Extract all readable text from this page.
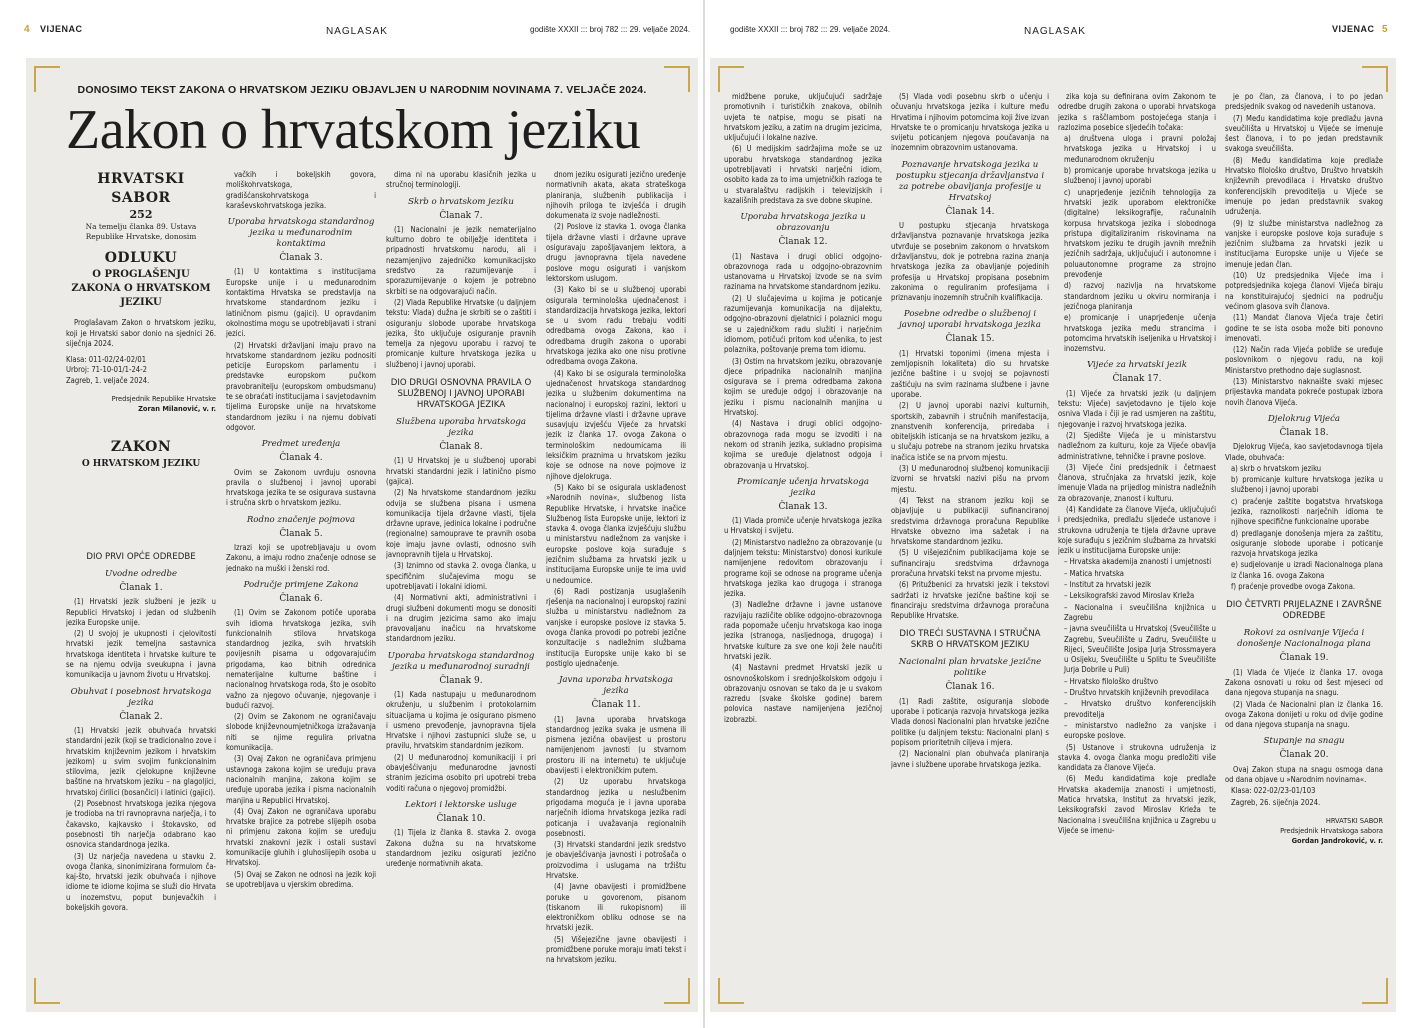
4 VIJENAC	NAGLASAK	godište XXXII ::: broj 782 ::: 29. veljače 2024.	godište XXXII ::: broj 782 ::: 29. veljače 2024.	NAGLASAK	VIJENAC 5
DONOSIMO TEKST ZAKONA O HRVATSKOM JEZIKU OBJAVLJEN U NARODNIM NOVINAMA 7. VELJAČE 2024.
Zakon o hrvatskom jeziku
HRVATSKI
SABOR
252
Na temelju članka 89. Ustava Republike Hrvatske, donosim
ODLUKU
O PROGLAŠENJU ZAKONA O HRVATSKOM JEZIKU

Proglašavam Zakon o hrvatskom jeziku, koji je Hrvatski sabor donio na sjednici 26. siječnja 2024.

Klasa: 011-02/24-02/01
Urbroj: 71-10-01/1-24-2
Zagreb, 1. veljače 2024.
Predsjednik Republike Hrvatske
Zoran Milanović, v. r.
ZAKON
O HRVATSKOM JEZIKU
DIO PRVI OPĆE ODREDBE
Uvodne odredbe
Članak 1.

(1) Hrvatski jezik službeni je jezik u Republici Hrvatskoj i jedan od službenih jezika Europske unije.

(2) U svojoj je ukupnosti i cjelovitosti hrvatski jezik temeljna sastavnica hrvatskoga identiteta i hrvatske kulture te se na njemu odvija sveukupna i javna komunikacija u javnom životu u Hrvatskoj.

Obuhvat i posebnost hrvatskoga jezika
Članak 2.

(1) Hrvatski jezik obuhvaća hrvatski standardni jezik (koji se tradicionalno zove i hrvatskim književnim jezikom i hrvatskim jezikom) u svim svojim funkcionalnim stilovima, jezik cjelokupne književne baštine na hrvatskom jeziku – na glagoljici, hrvatskoj ćirilici (bosančici) i latinici (gajici).

(2) Posebnost hrvatskoga jezika njegova je trodioba na tri ravnopravna narječja, i to čakavsko, kajkavsko i štokavsko, od posebnosti tih narječja odabrano kao osnovica standardnoga jezika.

(3) Uz narječja navedena u stavku 2. ovoga članka, sinonimizirana formulom ča-kaj-što, hrvatski jezik obuhvaća i njihove idiome te idiome kojima se služi dio Hrvata u inozemstvu, poput bunjevačkih i bokeljskih govora.

vačkih i bokeljskih govora, moliškohrvatskoga, gradišćanskohrvatskoga i karaševskohrvatskoga jezika.

Uporaba hrvatskoga standardnog jezika u međunarodnim kontaktima
Članak 3.

(1) U kontaktima s institucijama Europske unije i u međunarodnim kontaktima Hrvatska se predstavlja na hrvatskome standardnom jeziku i latiničnom pismu (gajici). U opravdanim okolnostima mogu se upotrebljavati i strani jezici.

(2) Hrvatski državljani imaju pravo na hrvatskome standardnom jeziku podnositi peticije Europskom parlamentu i predstavke europskom pučkom pravobranitelju (europskom ombudsmanu) te se obraćati institucijama i savjetodavnim tijelima Europske unije na hrvatskome standardnom jeziku i na njemu dobivati odgovor.

Predmet uređenja
Članak 4.

Ovim se Zakonom uvrđuju osnovna pravila o službenoj i javnoj uporabi hrvatskoga jezika te se osigurava sustavna i stručna skrb o hrvatskom jeziku.

Rodno značenje pojmova
Članak 5.

Izrazi koji se upotrebljavaju u ovom Zakonu, a imaju rodno značenje odnose se jednako na muški i ženski rod.

Područje primjene Zakona
Članak 6.

(1) Ovim se Zakonom potiče uporaba svih idioma hrvatskoga jezika, svih funkcionalnih stilova hrvatskoga standardnog jezika, svih hrvatskih povijesnih pisama u odgovarajućim prigodama, kao bitnih odrednica nematerijalne kulturne baštine i nacionalnog hrvatskoga roda, što je osobito važno za njegovo očuvanje, njegovanje i budući razvoj.

(2) Ovim se Zakonom ne ograničavaju slobode književnoumjetničkoga izražavanja niti se njime regulira privatna komunikacija.

(3) Ovaj Zakon ne ograničava primjenu ustavnoga zakona kojim se uređuju prava nacionalnih manjina, zakona kojim se uređuje uporaba jezika i pisma nacionalnih manjina u Republici Hrvatskoj.

(4) Ovaj Zakon ne ograničava uporabu hrvatske brajice za potrebe slijepih osoba ni primjenu zakona kojim se uređuju hrvatski znakovni jezik i ostali sustavi komunikacije gluhih i gluhoslijepih osoba u Hrvatskoj.

(5) Ovaj se Zakon ne odnosi na jezik koji se upotrebljava u vjerskim obredima.

dima ni na uporabu klasičnih jezika u stručnoj terminologiji.

Skrb o hrvatskom jeziku
Članak 7.

(1) Nacionalni je jezik nematerijalno kulturno dobro te obilježje identiteta i pripadnosti hrvatskomu narodu, ali i nezamjenjivo zajedničko komunikacijsko sredstvo za razumijevanje i sporazumijevanje o kojem je potrebno skrbiti se na odgovarajući način.

(2) Vlada Republike Hrvatske (u daljnjem tekstu: Vlada) dužna je skrbiti se o zaštiti i osiguranju slobode uporabe hrvatskoga jezika, što uključuje osiguranje pravnih temelja za njegovu uporabu i razvoj te promicanje kulture hrvatskoga jezika u službenoj i javnoj uporabi.

DIO DRUGI OSNOVNA PRAVILA O SLUŽBENOJ I JAVNOJ UPORABI HRVATSKOGA JEZIKA
Službena uporaba hrvatskoga jezika
Članak 8.

(1) U Hrvatskoj je u službenoj uporabi hrvatski standardni jezik i latinično pismo (gajica).

(2) Na hrvatskome standardnom jeziku odvija se službena pisana i usmena komunikacija tijela državne vlasti, tijela državne uprave, jedinica lokalne i područne (regionalne) samouprave te pravnih osoba koje imaju javne ovlasti, odnosno svih javnopravnih tijela u Hrvatskoj.

(3) Iznimno od stavka 2. ovoga članka, u specifičnim slučajevima mogu se upotrebljavati i lokalni idiomi.

(4) Normativni akti, administrativni i drugi službeni dokumenti mogu se donositi i na drugim jezicima samo ako imaju pravovaljanu inačicu na hrvatskome standardnom jeziku.

Uporaba hrvatskoga standardnog jezika u međunarodnoj suradnji
Članak 9.

(1) Kada nastupaju u međunarodnom okruženju, u službenim i protokolarnim situacijama u kojima je osigurano pismeno i usmeno prevođenje, javnopravna tijela Hrvatske i njihovi zastupnici služe se, u pravilu, hrvatskim standardnim jezikom.

(2) U međunarodnoj komunikaciji i pri obavješćivanju međunarodne javnosti stranim jezicima osobito pri upotrebi treba voditi računa o njegovoj promidžbi.

Lektori i lektorske usluge
Članak 10.

(1) Tijela iz članka 8. stavka 2. ovoga Zakona dužna su na hrvatskome standardnom jeziku osigurati jezično uređenje normativnih akata.

dnom jeziku osigurati jezično uređenje normativnih akata, akata strateškoga planiranja, službenih publikacija i njihovih priloga te izvješća i drugih dokumenata iz svoje nadležnosti.

(2) Poslove iz stavka 1. ovoga članka tijela državne vlasti i državne uprave osiguravaju zapošljavanjem lektora, a drugu javnopravna tijela navedene poslove mogu osigurati i vanjskom lektorskom uslugom.

(3) Kako bi se u službenoj uporabi osigurala terminološka ujednačenost i standardizacija hrvatskoga jezika, lektori se u svom radu trebaju voditi odredbama ovoga Zakona, kao i odredbama drugih zakona o uporabi hrvatskoga jezika ako one nisu protivne odredbama ovoga Zakona.

(4) Kako bi se osigurala terminološka ujednačenost hrvatskoga standardnog jezika u službenim dokumentima na nacionalnoj i europskoj razini, lektori u tijelima državne vlasti i državne uprave susavjuju izvješću Vijeće za hrvatski jezik iz članka 17. ovoga Zakona o terminološkim nedoumicama ili leksičkim praznima u hrvatskom jeziku koje se odnose na nove pojmove iz njihove djelokruga.

(5) Kako bi se osigurala usklađenost »Narodnih novina«, službenog lista Republike Hrvatske, i hrvatske inačice Službenog lista Europske unije, lektori iz stavka 4. ovoga članka izvješćuju službu u ministarstvu nadležnom za vanjske i europske poslove koja surađuje s jezičnim službama za hrvatski jezik u institucijama Europske unije te ima uvid u nedoumice.

(6) Radi postizanja usuglašenih rješenja na nacionalnoj i europskoj razini služba u ministarstvu nadležnom za vanjske i europske poslove iz stavka 5. ovoga članka provodi po potrebi jezične konzultacije s nadležnim službama institucija Europske unije kako bi se postiglo ujednačenje.

Javna uporaba hrvatskoga jezika
Članak 11.

(1) Javna uporaba hrvatskoga standardnog jezika svaka je usmena ili pismena jezična obavijest u prostoru namijenjenom javnosti (u stvarnom prostoru ili na internetu) te uključuje obavijesti i elektroničkim putem.

(2) Uz uporabu hrvatskoga standardnog jezika u neslužbenim prigodama moguća je i javna uporaba narječnih idioma hrvatskoga jezika radi poticanja i uvažavanja regionalnih posebnosti.

(3) Hrvatski standardni jezik sredstvo je obavješćivanja javnosti i potrošača o proizvodima i uslugama na tržištu Hrvatske.

(4) Javne obavijesti i promidžbene poruke u govorenom, pisanom (tiskanom ili rukopisnom) ili elektroničkom obliku odnose se na hrvatski jezik.

(5) Višejezične javne obavijesti i promidžbene poruke moraju imati tekst i na hrvatskom jeziku.

midžbene poruke, uključujući sadržaje promotivnih i turističkih znakova, obilnih uvjeta te natpise, mogu se pisati na hrvatskom jeziku, a zatim na drugim jezicima, uključujući i lokalne nazive.

(6) U medijskim sadržajima može se uz uporabu hrvatskoga standardnog jezika upotrebljavati i hrvatski narječni idiom, osobito kada za to ima umjetničkih razloga te u stvaralaštvu radijskih i televizijskih i kazališnih predstava za sve dobne skupine.

Uporaba hrvatskoga jezika u obrazovanju
Članak 12.

(1) Nastava i drugi oblici odgojno-obrazovnoga rada u odgojno-obrazovnim ustanovama u Hrvatskoj izvode se na svim razinama na hrvatskome standardnom jeziku.

(2) U slučajevima u kojima je poticanje razumijevanja komunikacija na dijalektu, odgojno-obrazovni djelatnici i polaznici mogu se u zajedničkom radu služiti i narječnim idiomom, potičući pritom kod učenika, to jest polaznika, poštovanje prema tom idiomu.

(3) Ostim na hrvatskom jeziku, obrazovanje djece pripadnika nacionalnih manjina osigurava se i prema odredbama zakona kojim se uređuje odgoj i obrazovanje na jeziku i pismu nacionalnih manjina u Hrvatskoj.

(4) Nastava i drugi oblici odgojno-obrazovnoga rada mogu se izvoditi i na nekom od stranih jezika, sukladno propisima kojima se uređuje djelatnost odgoja i obrazovanja u Hrvatskoj.

Promicanje učenja hrvatskoga jezika
Članak 13.

(1) Vlada promiče učenje hrvatskoga jezika u Hrvatskoj i svijetu.

(2) Ministarstvo nadležno za obrazovanje (u daljnjem tekstu: Ministarstvo) donosi kurikule namijenjene redovitom obrazovanju i programe koji se odnose na programe učenja hrvatskoga jezika kao drugoga i stranoga jezika.

(3) Nadležne državne i javne ustanove razvijaju različite oblike odgojno-obrazovnoga rada popomaže učenju hrvatskoga kao inoga jezika (stranoga, nasljednoga, drugoga) i hrvatske kulture za sve one koji žele naučiti hrvatski jezik.

(4) Nastavni predmet Hrvatski jezik u osnovnoškolskom i srednjoškolskom odgoju i obrazovanju osnovan se tako da je u svakom razredu (svake školske godine) barem polovica nastave namijenjena jezičnoj izobrazbi.

(5) Vlada vodi posebnu skrb o učenju i očuvanju hrvatskoga jezika i kulture među Hrvatima i njihovim potomcima koji žive izvan Hrvatske te o promicanju hrvatskoga jezika u svijetu poticanjem njegova poučavanja na inozemnim obrazovnim ustanovama.

Poznavanje hrvatskoga jezika u postupku stjecanja državljanstva i za potrebe obavljanja profesije u Hrvatskoj
Članak 14.

U postupku stjecanja hrvatskoga državljanstva poznavanje hrvatskoga jezika utvrđuje se posebnim zakonom o hrvatskom državljanstvu, dok je potrebna razina znanja hrvatskoga jezika za obavljanje pojedinih profesija u Hrvatskoj propisana posebnim zakonima o reguliranim profesijama i priznavanju inozemnih stručnih kvalifikacija.

Posebne odredbe o službenoj i javnoj uporabi hrvatskoga jezika
Članak 15.

(1) Hrvatski toponimi (imena mjesta i zemljopisnih lokaliteta) dio su hrvatske jezične baštine i u svojoj se pojavnosti zaštićuju na svim razinama službene i javne uporabe.

(2) U javnoj uporabi nazivi kulturnih, sportskih, zabavnih i stručnih manifestacija, znanstvenih konferencija, priredaba i obiteljskih isticanja se na hrvatskom jeziku, a u slučaju potrebe na stranom jeziku hrvatska inačica ističe se na prvom mjestu.

(3) U međunarodnoj službenoj komunikaciji izvorni se hrvatski nazivi pišu na prvom mjestu.

(4) Tekst na stranom jeziku koji se objavljuje u publikaciji sufinanciranoj sredstvima državnoga proračuna Republike Hrvatske obvezno ima sažetak i na hrvatskome standardnom jeziku.

(5) U višejezičnim publikacijama koje se sufinanciraju sredstvima državnoga proračuna hrvatski tekst na prvome mjestu.

(6) Pritužbenici za hrvatski jezik i tekstovi sadržati iz hrvatske jezične baštine koji se financiraju sredstvima državnoga proračuna Republike Hrvatske.

DIO TREĆI SUSTAVNA I STRUČNA SKRB O HRVATSKOM JEZIKU
Nacionalni plan hrvatske jezične politike
Članak 16.

(1) Radi zaštite, osiguranja slobode uporabe i poticanja razvoja hrvatskoga jezika Vlada donosi Nacionalni plan hrvatske jezične politike (u daljnjem tekstu: Nacionalni plan) s popisom prioritetnih ciljeva i mjera.

(2) Nacionalni plan obuhvaća planiranja javne i službene uporabe hrvatskoga jezika.

zika koja su definirana ovim Zakonom te odredbe drugih zakona o uporabi hrvatskoga jezika s raščlambom postojećega stanja i razlozima posebice sljedećih točaka:

a) društvena uloga i pravni položaj hrvatskoga jezika u Hrvatskoj i u međunarodnom okruženju

b) promicanje uporabe hrvatskoga jezika u službenoj i javnoj uporabi

c) unaprjeđenje jezičnih tehnologija za hrvatski jezik uporabom elektroničke (digitalne) leksikografije, računalnih korpusa hrvatskoga jezika i slobodnoga pristupa digitaliziranim riskovinama na hrvatskom jeziku te drugih javnih mrežnih jezičnih sadržaja, uključujući i autonomne i poluautonomne programe za strojno prevođenje

d) razvoj nazivlja na hrvatskome standardnom jeziku u okviru normiranja i jezičnoga planiranja

e) promicanje i unaprjeđenje učenja hrvatskoga jezika među strancima i potomcima hrvatskih iseljenika u Hrvatskoj i inozemstvu.

Vijeće za hrvatski jezik
Članak 17.

(1) Vijeće za hrvatski jezik (u daljnjem tekstu: Vijeće) savjetodavno je tijelo koje osniva Vlada i čiji je rad usmjeren na zaštitu, njegovanje i razvoj hrvatskoga jezika.

(2) Sjedište Vijeća je u ministarstvu nadležnom za kulturu, koje za Vijeće obavlja administrativne, tehničke i pravne poslove.

(3) Vijeće čini predsjednik i četrnaest članova, stručnjaka za hrvatski jezik, koje imenuje Vlada na prijedlog ministra nadležnih za obrazovanje, znanost i kulturu.

(4) Kandidate za članove Vijeća, uključujući i predsjednika, predlažu sljedeće ustanove i strukovna udruženja te tijela državne uprave koje surađuju s jezičnim službama za hrvatski jezik u institucijama Europske unije:

– Hrvatska akademija znanosti i umjetnosti

– Matica hrvatska

– Institut za hrvatski jezik

– Leksikografski zavod Miroslav Krleža

– Nacionalna i sveučilišna knjižnica u Zagrebu

– javna sveučilišta u Hrvatskoj (Sveučilište u Zagrebu, Sveučilište u Zadru, Sveučilište u Rijeci, Sveučilište Josipa Jurja Strossmayera u Osijeku, Sveučilište u Splitu te Sveučilište Jurja Dobrile u Puli)

– Hrvatsko filološko društvo

– Društvo hrvatskih književnih prevodilaca

– Hrvatsko društvo konferencijskih prevoditelja

– ministarstvo nadležno za vanjske i europske poslove.

(5) Ustanove i strukovna udruženja iz stavka 4. ovoga članka mogu predložiti više kandidata za članove Vijeća.

(6) Među kandidatima koje predlaže Hrvatska akademija znanosti i umjetnosti, Matica hrvatska, Institut za hrvatski jezik, Leksikografski zavod Miroslav Krleža te Nacionalna i sveučilišna knjižnica u Zagrebu u Vijeće se imenu-

je po član, za članova, i to po jedan predsjednik svakog od navedenih ustanova.

(7) Među kandidatima koje predlažu javna sveučilišta u Hrvatskoj u Vijeće se imenuje šest članova, i to po jedan predstavnik svakoga sveučilišta.

(8) Među kandidatima koje predlaže Hrvatsko filološko društvo, Društvo hrvatskih književnih prevodilaca i Hrvatsko društvo konferencijskih prevoditelja u Vijeće se imenuje po jedan predstavnik svakog udruženja.

(9) Iz službe ministarstva nadležnog za vanjske i europske poslove koja surađuje s jezičnim službama za hrvatski jezik u institucijama Europske unije u Vijeće se imenuje jedan član.

(10) Uz predsjednika Vijeće ima i potpredsjednika kojega članovi Vijeća biraju na konstituirajućoj sjednici na području većinom glasova svih članova.

(11) Mandat članova Vijeća traje četiri godine te se ista osoba može biti ponovno imenovati.

(12) Način rada Vijeća pobliže se uređuje poslovnikom o njegovu radu, na koji Ministarstvo prethodno daje suglasnost.

(13) Ministarstvo naknaište svaki mjesec prijestavka mandata pokreće postupak izbora novih članova Vijeća.

Djelokrug Vijeća
Članak 18.

Djelokrug Vijeća, kao savjetodavnoga tijela Vlade, obuhvaća:

a) skrb o hrvatskom jeziku

b) promicanje kulture hrvatskoga jezika u službenoj i javnoj uporabi

c) praćenje zaštite bogatstva hrvatskoga jezika, raznolikosti narječnih idioma te njihove specifične funkcionalne uporabe

d) predlaganje donošenja mjera za zaštitu, osiguranje slobode uporabe i poticanje razvoja hrvatskoga jezika

e) sudjelovanje u izradi Nacionalnoga plana iz članka 16. ovoga Zakona

f) praćenje provedbe ovoga Zakona.

DIO ČETVRTI PRIJELAZNE I ZAVRŠNE ODREDBE
Rokovi za osnivanje Vijeća i donošenje Nacionalnoga plana
Članak 19.

(1) Vlada će Vijeće iz članka 17. ovoga Zakona osnovati u roku od šest mjeseci od dana njegova stupanja na snagu.

(2) Vlada će Nacionalni plan iz članka 16. ovoga Zakona donijeti u roku od dvije godine od dana njegova stupanja na snagu.

Stupanje na snagu
Članak 20.

Ovaj Zakon stupa na snagu osmoga dana od dana objave u »Narodnim novinama«.

Klasa: 022-02/23-01/103

Zagreb, 26. siječnja 2024.

HRVATSKI SABOR
Predsjednik Hrvatskoga sabora
Gordan Jandroković, v. r.
